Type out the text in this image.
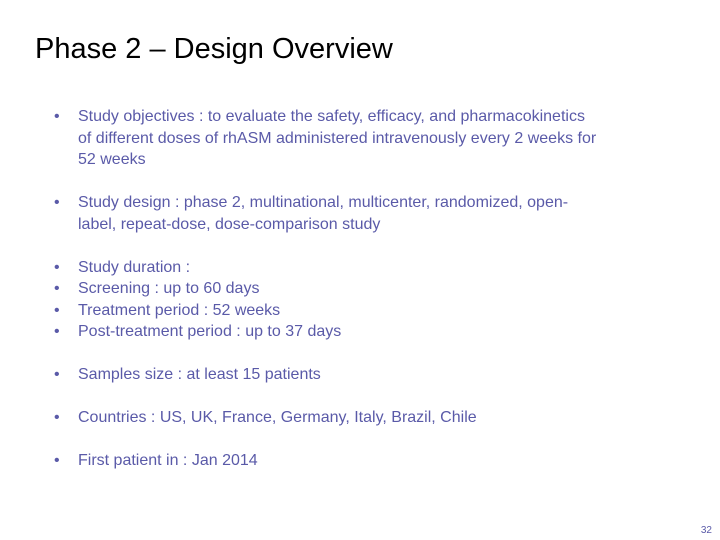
Phase 2 – Design Overview
• Study objectives : to evaluate the safety, efficacy, and pharmacokinetics
of different doses of rhASM administered intravenously every 2 weeks for
52 weeks
• Study design : phase 2, multinational, multicenter, randomized, open-
label, repeat-dose, dose-comparison study
• Study duration :
• Screening : up to 60 days
• Treatment period : 52 weeks
• Post-treatment period : up to 37 days
• Samples size : at least 15 patients
• Countries : US, UK, France, Germany, Italy, Brazil, Chile
• First patient in : Jan 2014
32
